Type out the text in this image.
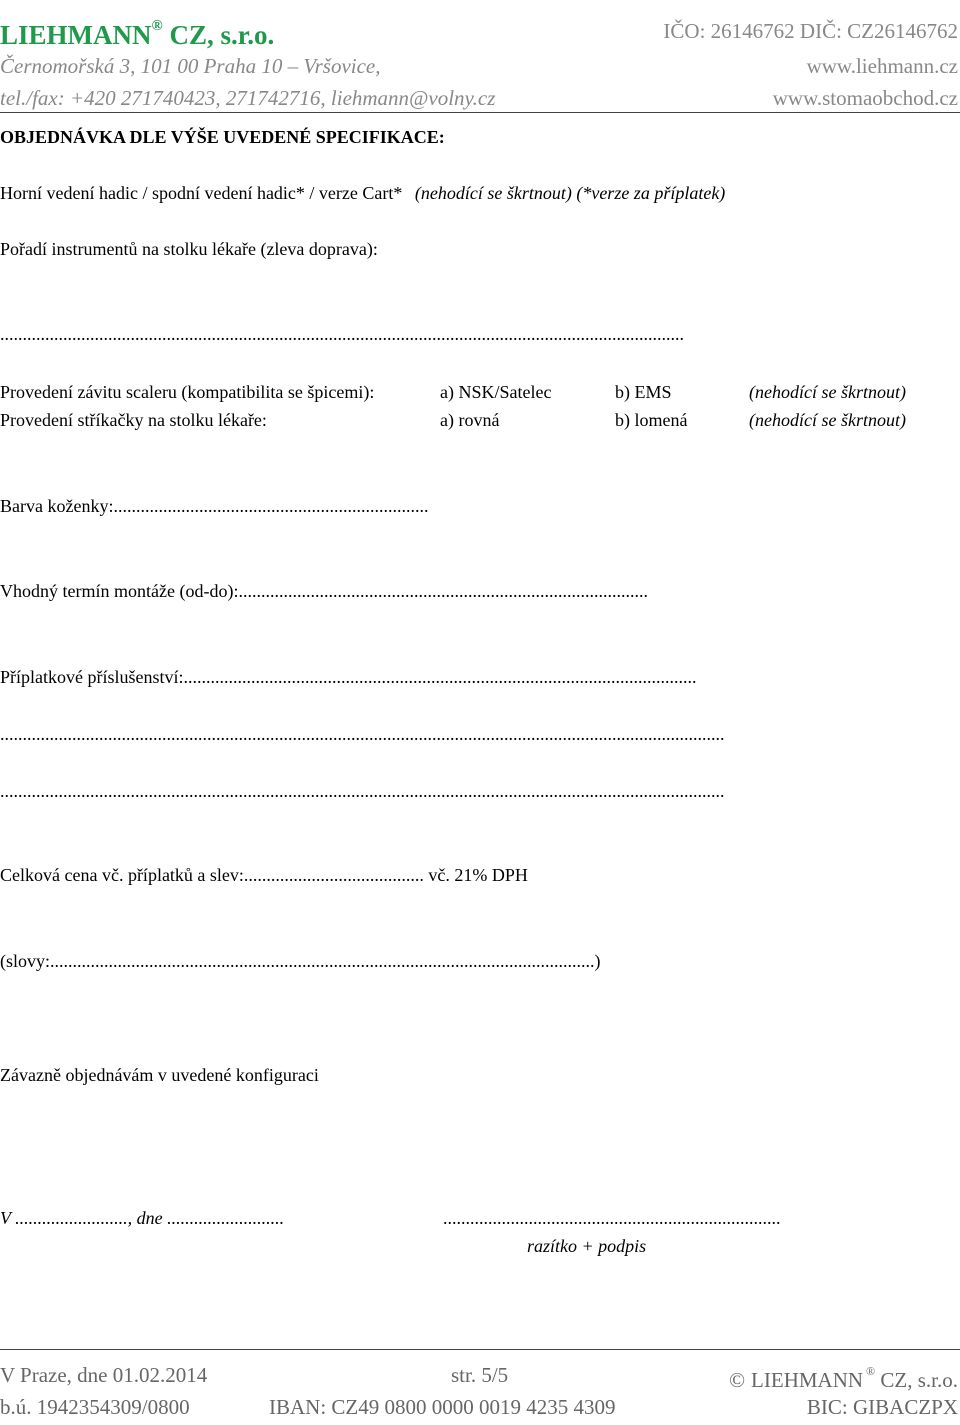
LIEHMANN® CZ, s.r.o.	IČO: 26146762 DIČ: CZ26146762
Černomořská 3, 101 00 Praha 10 – Vršovice,	www.liehmann.cz
tel./fax: +420 271740423, 271742716, liehmann@volny.cz	www.stomaobchod.cz
OBJEDNÁVKA DLE VÝŠE UVEDENÉ SPECIFIKACE:
Horní vedení hadic / spodní vedení hadic* / verze Cart* (nehodící se škrtnout) (*verze za příplatek)
Pořadí instrumentů na stolku lékaře (zleva doprava):
........................................................................................................................................................
Provedení závitu scaleru (kompatibilita se špicemi):	a) NSK/Satelec	b) EMS	(nehodící se škrtnout)
Provedení stříkačky na stolku lékaře:	a) rovná	b) lomená	(nehodící se škrtnout)
Barva koženky:......................................................................
Vhodný termín montáže (od-do):...........................................................................................
Příplatkové příslušenství:..................................................................................................................
.................................................................................................................................................................
.................................................................................................................................................................
Celková cena vč. příplatků a slev:........................................ vč. 21% DPH
(slovy:.........................................................................................................................)
Závazně objednávám v uvedené konfiguraci
V ........................., dne ..........................	...........................................................................
razítko + podpis
V Praze, dne 01.02.2014	str. 5/5	© LIEHMANN ® CZ, s.r.o.
b.ú. 1942354309/0800	IBAN: CZ49 0800 0000 0019 4235 4309	BIC: GIBACZPX
